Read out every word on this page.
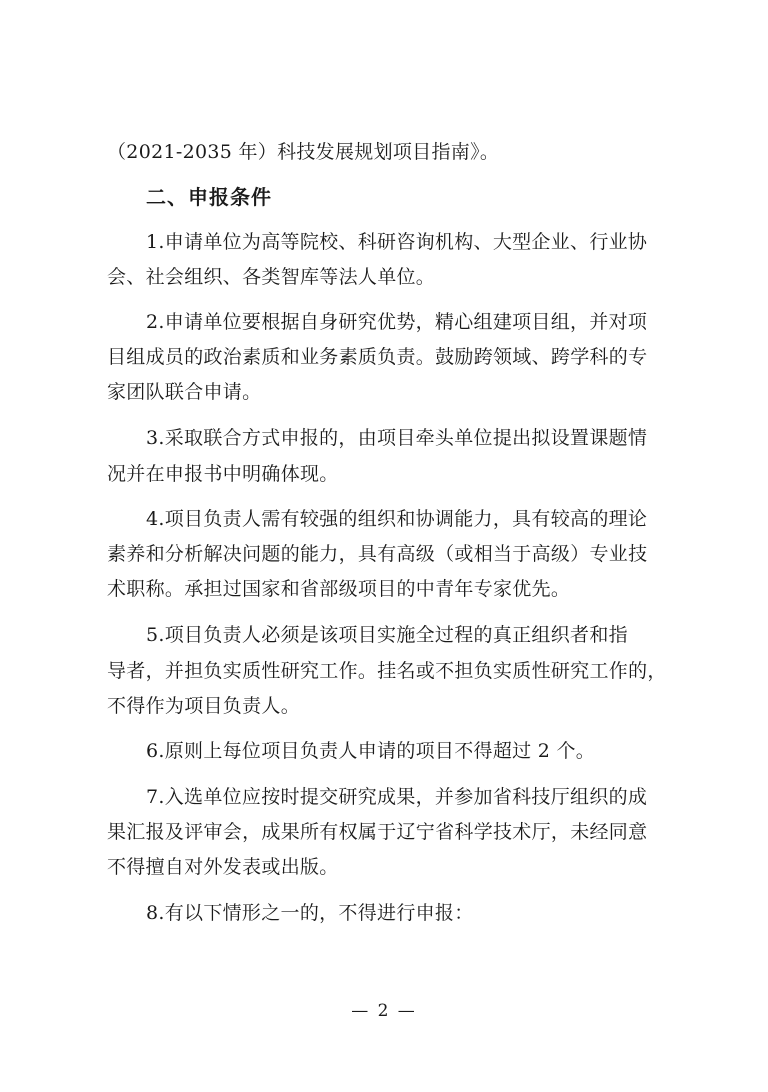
（2021-2035 年）科技发展规划项目指南》。
二、申报条件
1.申请单位为高等院校、科研咨询机构、大型企业、行业协
会、社会组织、各类智库等法人单位。
2.申请单位要根据自身研究优势，精心组建项目组，并对项
目组成员的政治素质和业务素质负责。鼓励跨领域、跨学科的专
家团队联合申请。
3.采取联合方式申报的，由项目牵头单位提出拟设置课题情
况并在申报书中明确体现。
4.项目负责人需有较强的组织和协调能力，具有较高的理论
素养和分析解决问题的能力，具有高级（或相当于高级）专业技
术职称。承担过国家和省部级项目的中青年专家优先。
5.项目负责人必须是该项目实施全过程的真正组织者和指
导者，并担负实质性研究工作。挂名或不担负实质性研究工作的，
不得作为项目负责人。
6.原则上每位项目负责人申请的项目不得超过 2 个。
7.入选单位应按时提交研究成果，并参加省科技厅组织的成
果汇报及评审会，成果所有权属于辽宁省科学技术厅，未经同意
不得擅自对外发表或出版。
8.有以下情形之一的，不得进行申报：
— 2 —
